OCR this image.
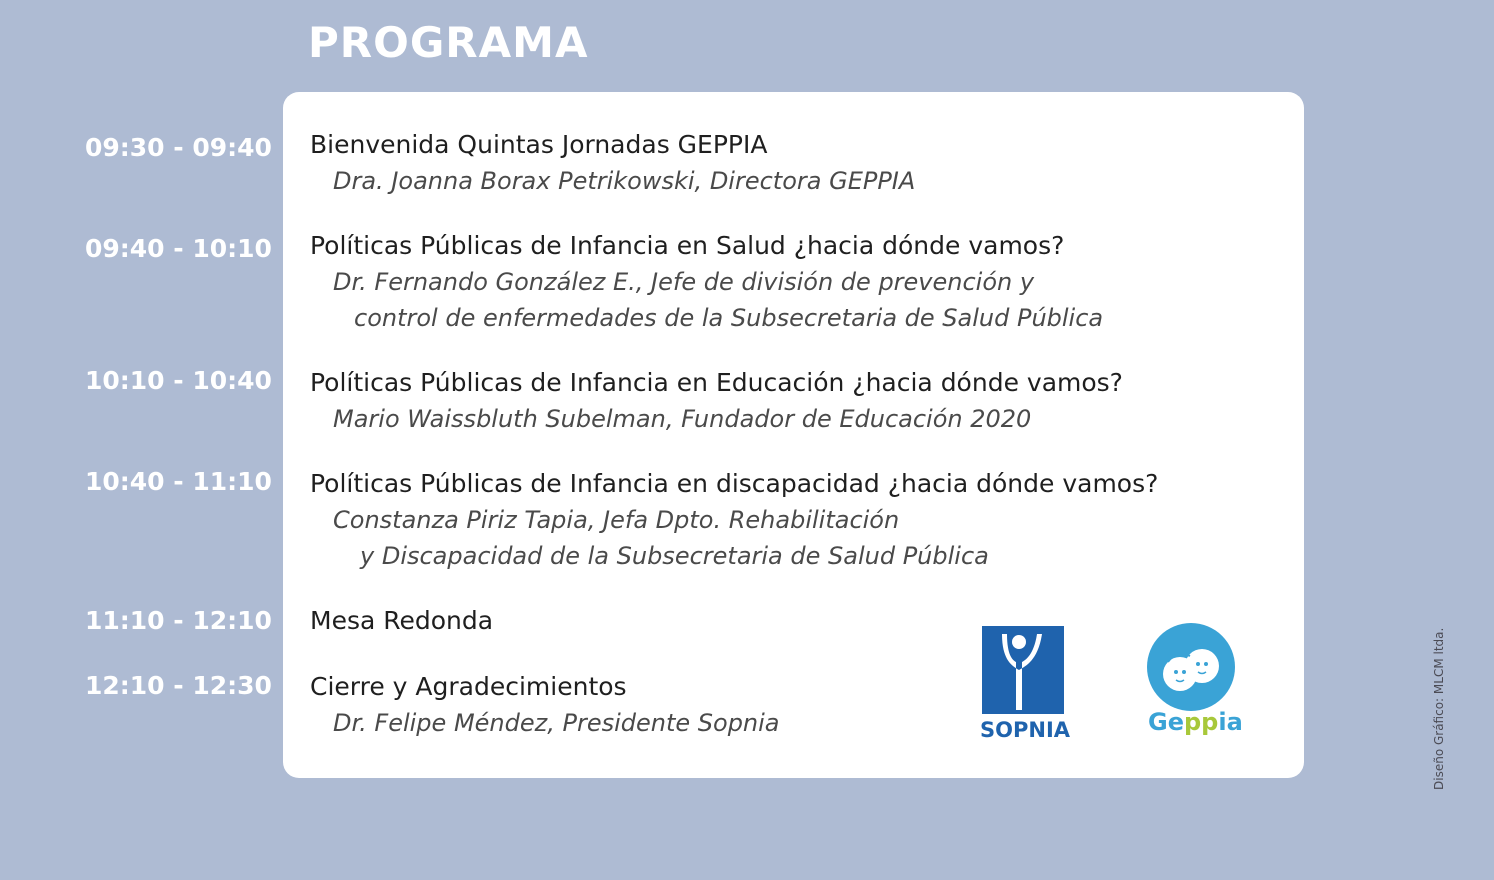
PROGRAMA
09:30 - 09:40 Bienvenida Quintas Jornadas GEPPIA
Dra. Joanna Borax Petrikowski, Directora GEPPIA
09:40 - 10:10 Políticas Públicas de Infancia en Salud ¿hacia dónde vamos?
Dr. Fernando González E., Jefe de división de prevención y
control de enfermedades de la Subsecretaria de Salud Pública
10:10 - 10:40 Políticas Públicas de Infancia en Educación ¿hacia dónde vamos?
Mario Waissbluth Subelman, Fundador de Educación 2020
10:40 - 11:10 Políticas Públicas de Infancia en discapacidad ¿hacia dónde vamos?
Constanza Piriz Tapia, Jefa Dpto. Rehabilitación
y Discapacidad de la Subsecretaria de Salud Pública
11:10 - 12:10 Mesa Redonda
12:10 - 12:30 Cierre y Agradecimientos
Dr. Felipe Méndez, Presidente Sopnia	SOPNIA	Geppia	Diseño Gráfico: MLCM ltda.
